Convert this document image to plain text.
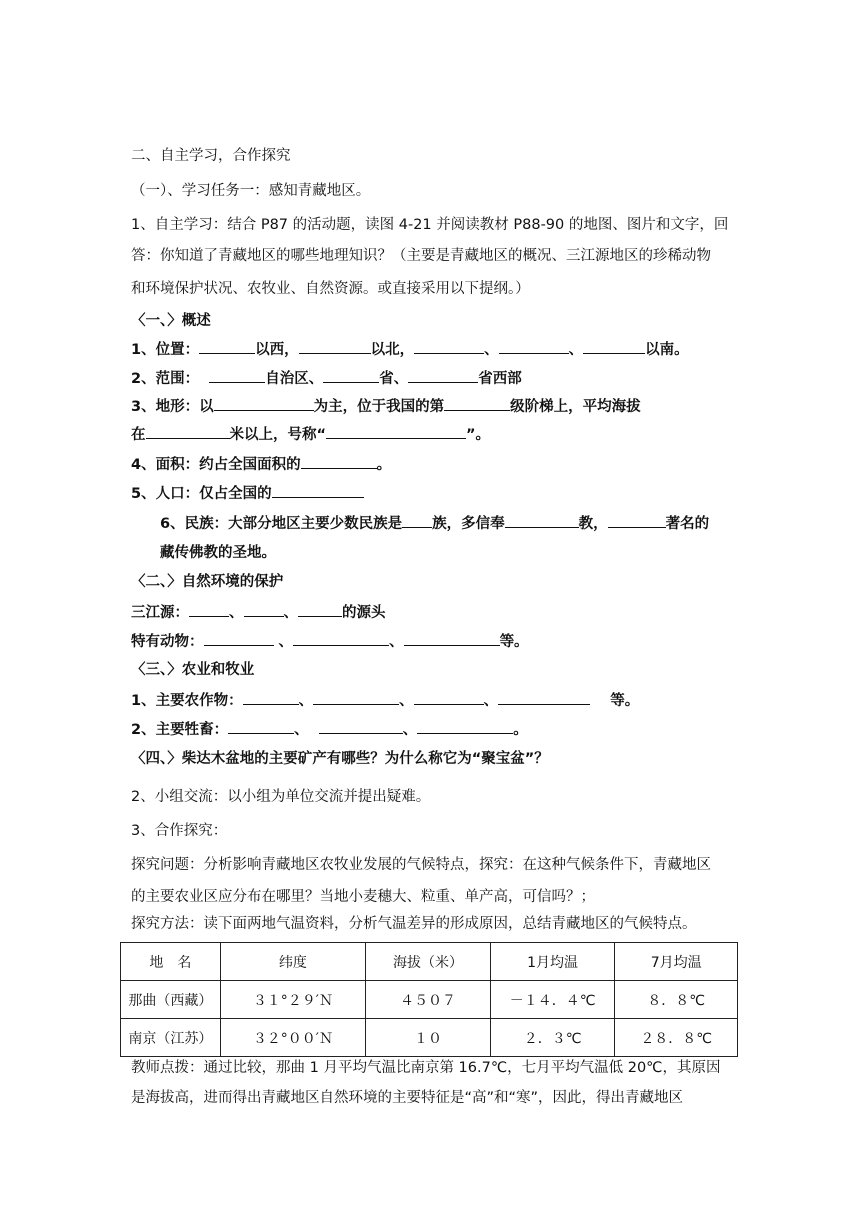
二、自主学习，合作探究
（一）、学习任务一：感知青藏地区。
1、自主学习：结合 P87 的活动题，读图 4-21 并阅读教材 P88-90 的地图、图片和文字，回
答：你知道了青藏地区的哪些地理知识？（主要是青藏地区的概况、三江源地区的珍稀动物
和环境保护状况、农牧业、自然资源。或直接采用以下提纲。）
〈一、〉概述
1、位置：	以西，	以北，	、	、	以南。
2、范围：	自治区、	省、	省西部
3、地形：以	为主，位于我国的第	级阶梯上，平均海拔
在	米以上，号称“	”。
4、面积：约占全国面积的	。
5、人口：仅占全国的
6、民族：大部分地区主要少数民族是 族，多信奉	教，	著名的
藏传佛教的圣地。
〈二、〉自然环境的保护
三江源：	、	、	的源头
特有动物：	、	、	等。
〈三、〉农业和牧业
1、主要农作物：	、	、	、	等。
2、主要牲畜：	、	、	。
〈四、〉柴达木盆地的主要矿产有哪些？为什么称它为“聚宝盆”？
2、小组交流：以小组为单位交流并提出疑难。
3、合作探究：
探究问题：分析影响青藏地区农牧业发展的气候特点，探究：在这种气候条件下，青藏地区
的主要农业区应分布在哪里？当地小麦穗大、粒重、单产高，可信吗？；
探究方法：读下面两地气温资料，分析气温差异的形成原因，总结青藏地区的气候特点。
地　名	纬度	海拔（米）	1月均温	7月均温
那曲（西藏）	３１°２９′Ｎ	４５０７	－１４．４℃	８．８℃
南京（江苏）	３２°００′Ｎ	１０	２．３℃	２８．８℃
教师点拨：通过比较，那曲 1 月平均气温比南京第 16.7℃，七月平均气温低 20℃，其原因
是海拔高，进而得出青藏地区自然环境的主要特征是“高”和“寒”，因此，得出青藏地区
